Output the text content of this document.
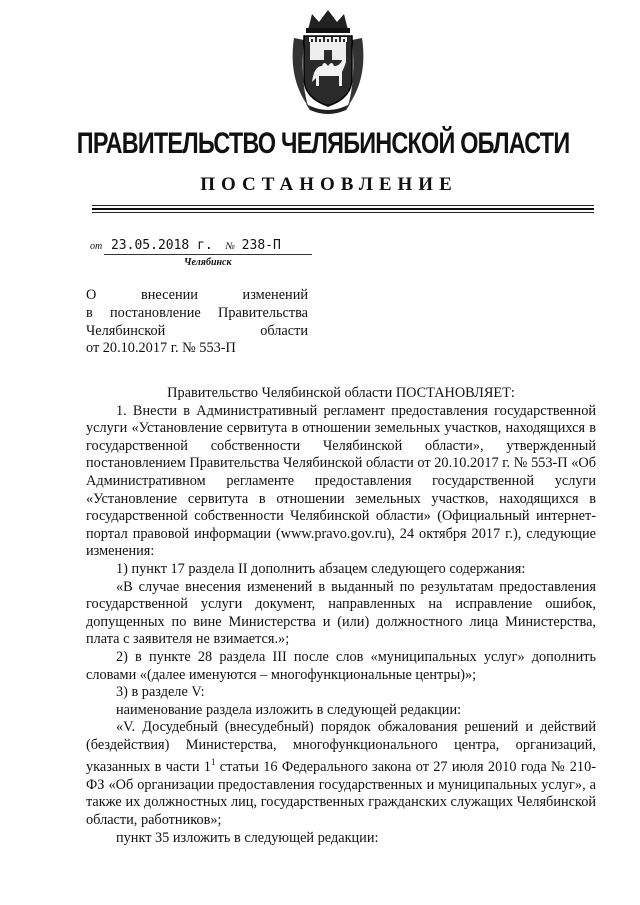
ПРАВИТЕЛЬСТВО ЧЕЛЯБИНСКОЙ ОБЛАСТИ
ПОСТАНОВЛЕНИЕ
от 23.05.2018 г. № 238-П
Челябинск
О внесении изменений
в постановление Правительства
Челябинской области
от 20.10.2017 г. № 553-П

Правительство Челябинской области ПОСТАНОВЛЯЕТ:

1. Внести в Административный регламент предоставления государственной услуги «Установление сервитута в отношении земельных участков, находящихся в государственной собственности Челябинской области», утвержденный постановлением Правительства Челябинской области от 20.10.2017 г. № 553-П «Об Административном регламенте предоставления государственной услуги «Установление сервитута в отношении земельных участков, находящихся в государственной собственности Челябинской области» (Официальный интернет-портал правовой информации (www.pravo.gov.ru), 24 октября 2017 г.), следующие изменения:

1) пункт 17 раздела II дополнить абзацем следующего содержания:

«В случае внесения изменений в выданный по результатам предоставления государственной услуги документ, направленных на исправление ошибок, допущенных по вине Министерства и (или) должностного лица Министерства, плата с заявителя не взимается.»;

2) в пункте 28 раздела III после слов «муниципальных услуг» дополнить словами «(далее именуются – многофункциональные центры)»;

3) в разделе V:

наименование раздела изложить в следующей редакции:

«V. Досудебный (внесудебный) порядок обжалования решений и действий (бездействия) Министерства, многофункционального центра, организаций, указанных в части $1^1$ статьи 16 Федерального закона от 27 июля 2010 года № 210-ФЗ «Об организации предоставления государственных и муниципальных услуг», а также их должностных лиц, государственных гражданских служащих Челябинской области, работников»;

пункт 35 изложить в следующей редакции:
